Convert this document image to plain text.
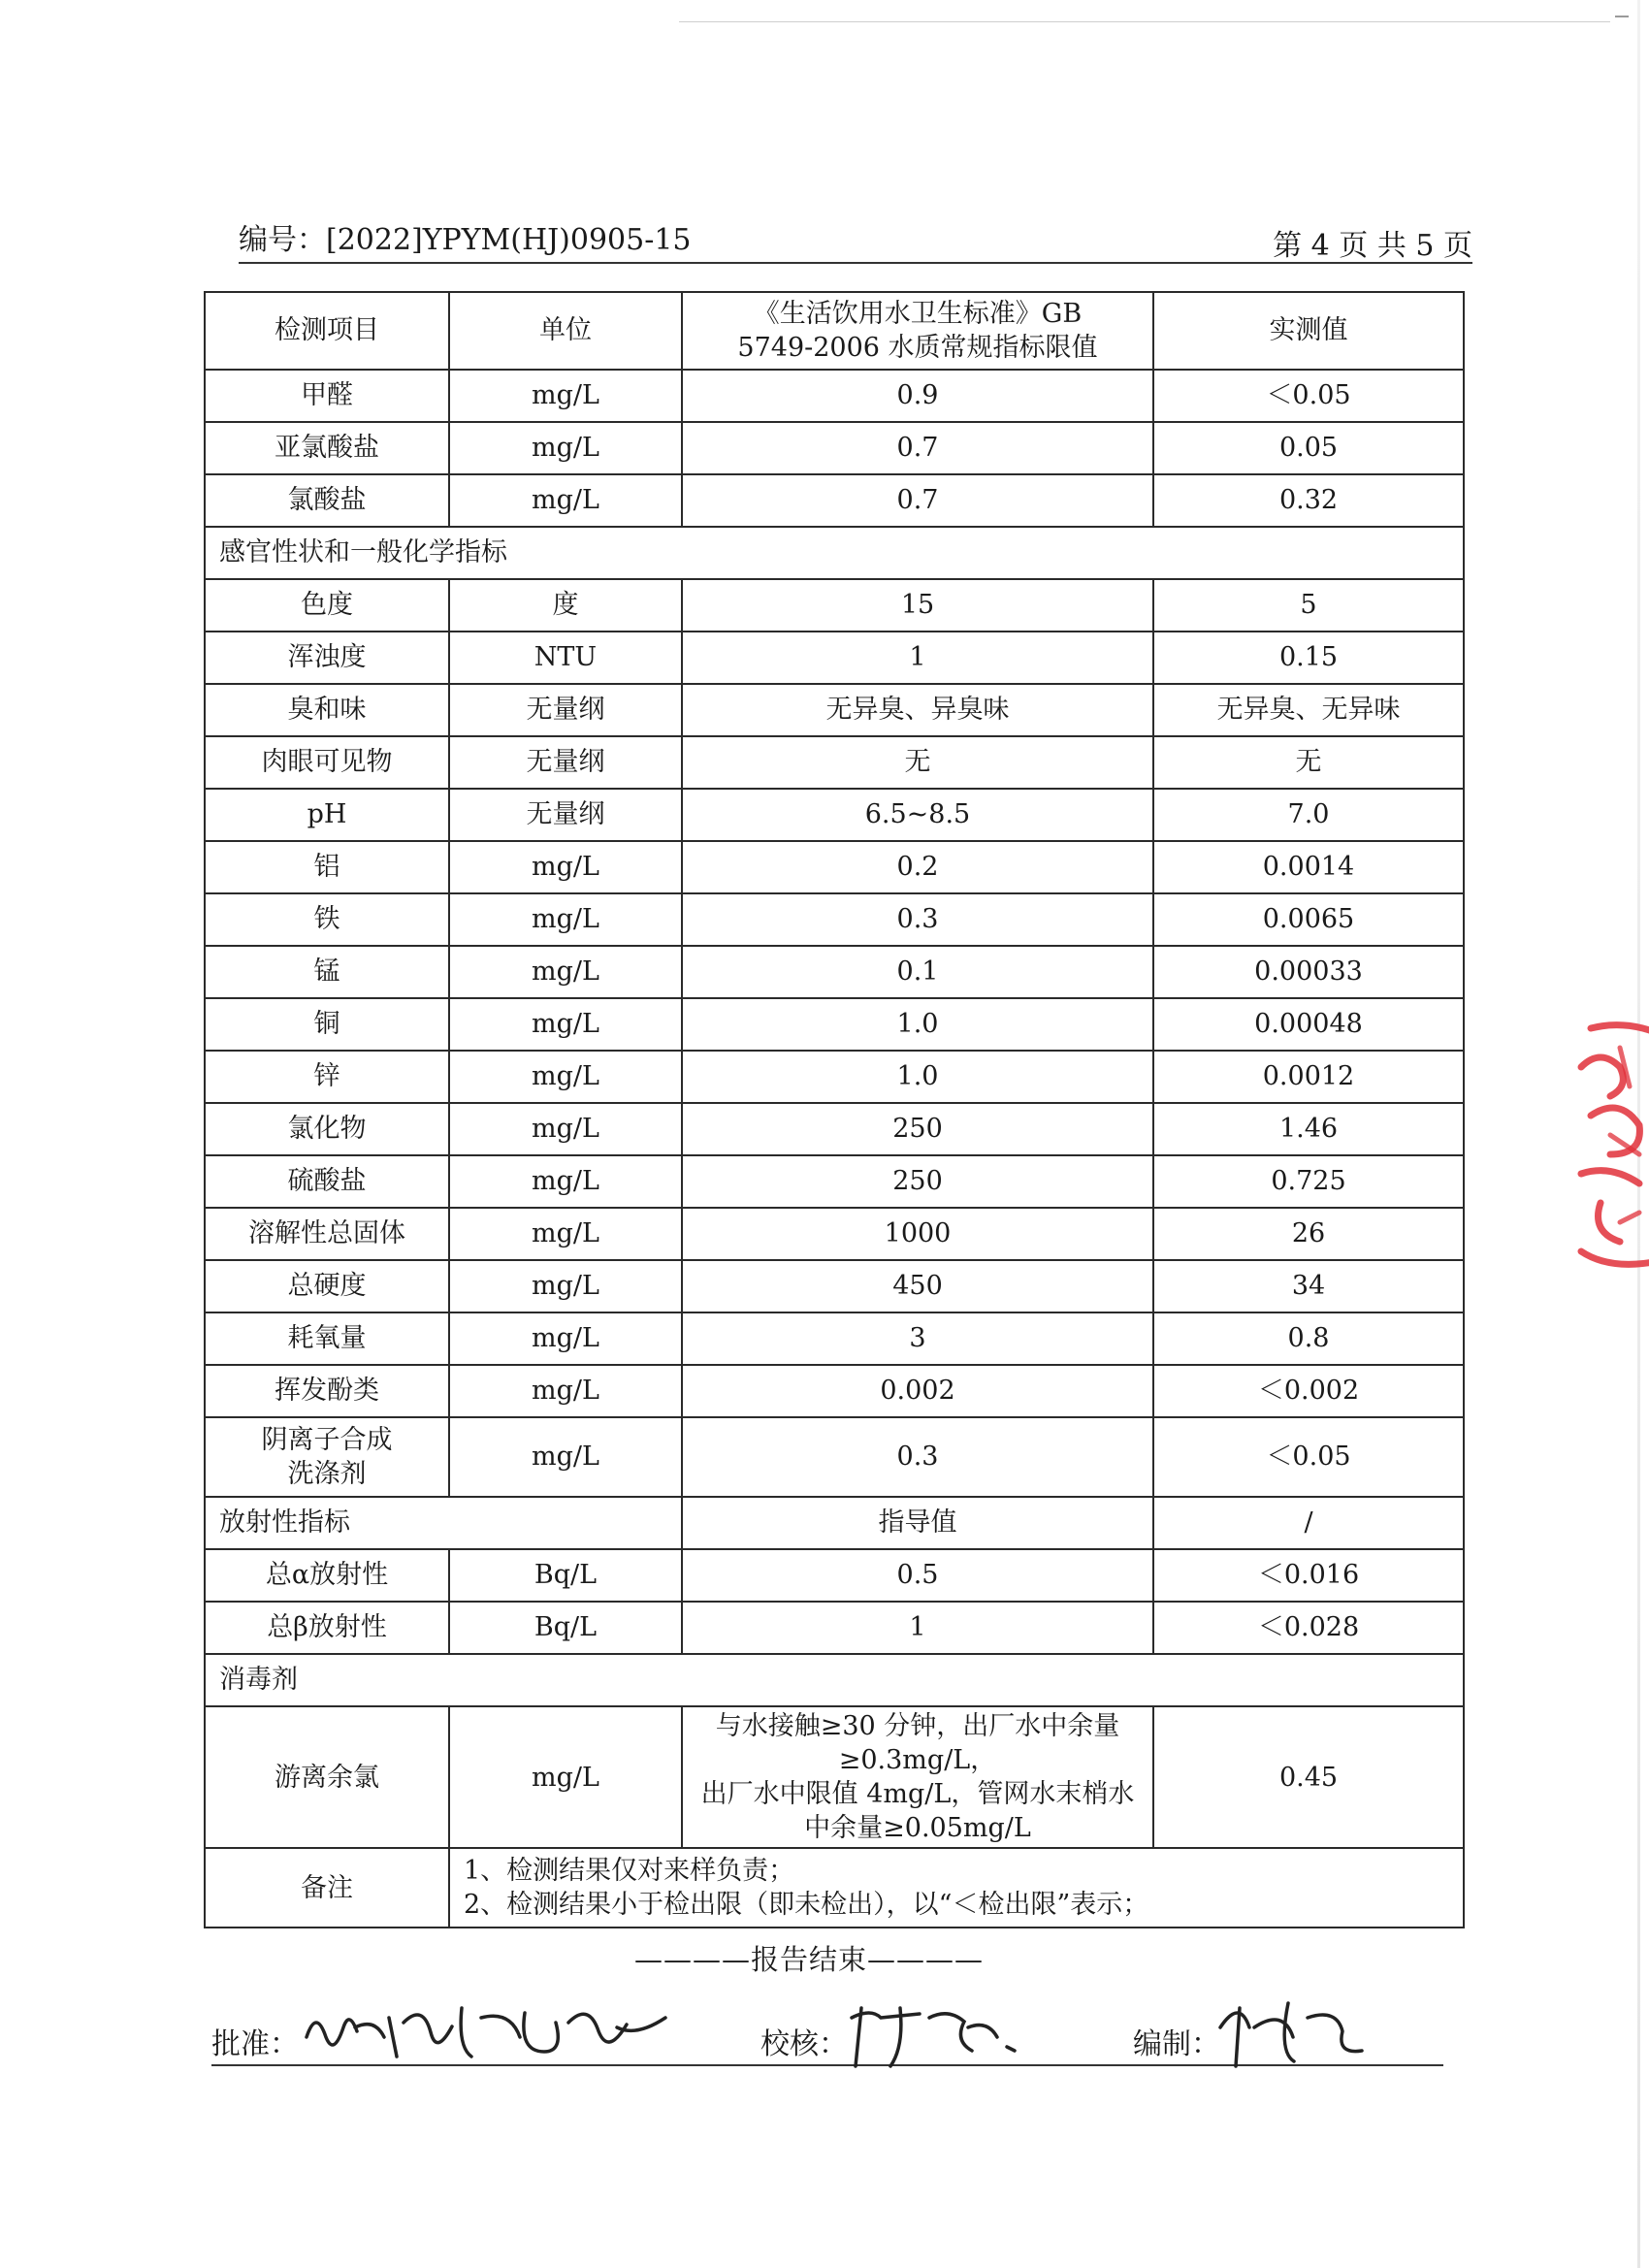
编号：[2022]YPYM(HJ)0905-15	第 4 页 共 5 页
检测项目	单位	《生活饮用水卫生标准》GB
5749-2006 水质常规指标限值	实测值
甲醛	mg/L	0.9	＜0.05
亚氯酸盐	mg/L	0.7	0.05
氯酸盐	mg/L	0.7	0.32
感官性状和一般化学指标			
色度	度	15	5
浑浊度	NTU	1	0.15
臭和味	无量纲	无异臭、异臭味	无异臭、无异味
肉眼可见物	无量纲	无	无
pH	无量纲	6.5~8.5	7.0
铝	mg/L	0.2	0.0014
铁	mg/L	0.3	0.0065
锰	mg/L	0.1	0.00033
铜	mg/L	1.0	0.00048
锌	mg/L	1.0	0.0012
氯化物	mg/L	250	1.46
硫酸盐	mg/L	250	0.725
溶解性总固体	mg/L	1000	26
总硬度	mg/L	450	34
耗氧量	mg/L	3	0.8
挥发酚类	mg/L	0.002	＜0.002

阴离子合成
洗涤剂	mg/L	0.3	＜0.05
放射性指标		指导值	/
总α放射性	Bq/L	0.5	＜0.016
总β放射性	Bq/L	1	＜0.028
消毒剂			
游离余氯	mg/L	与水接触≥30 分钟，出厂水中余量
≥0.3mg/L，
出厂水中限值 4mg/L，管网水末梢水
中余量≥0.05mg/L	0.45
备注	1、检测结果仅对来样负责；
2、检测结果小于检出限（即未检出），以“＜检出限”表示；		
————报告结束————
批准：	校核：	编制：
